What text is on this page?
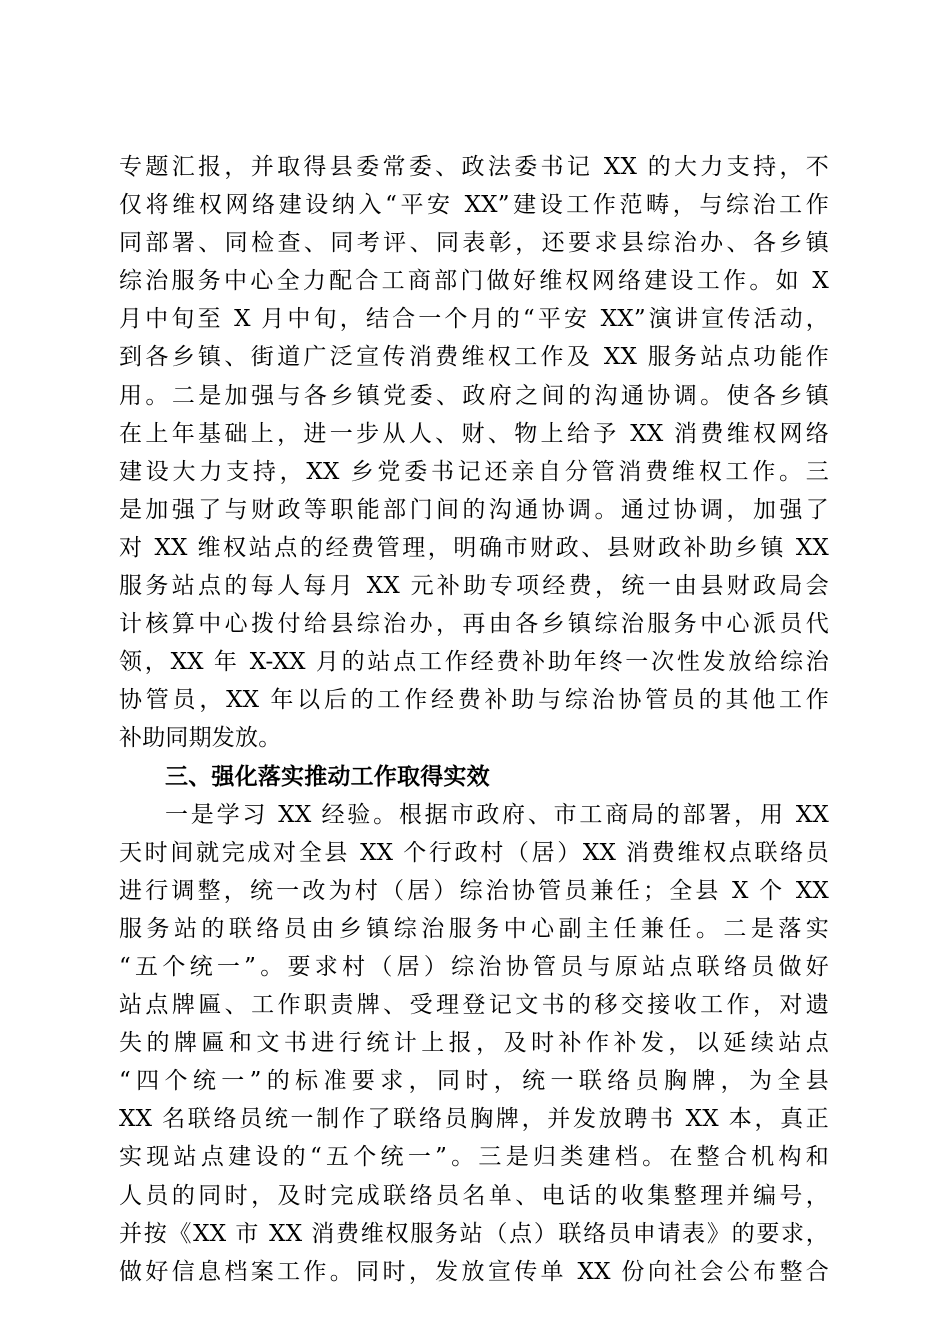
专题汇报，并取得县委常委、政法委书记 XX 的大力支持，不
仅将维权网络建设纳入“平安 XX”建设工作范畴，与综治工作
同部署、同检查、同考评、同表彰，还要求县综治办、各乡镇
综治服务中心全力配合工商部门做好维权网络建设工作。如 X
月中旬至 X 月中旬，结合一个月的“平安 XX”演讲宣传活动，
到各乡镇、街道广泛宣传消费维权工作及 XX 服务站点功能作
用。二是加强与各乡镇党委、政府之间的沟通协调。使各乡镇
在上年基础上，进一步从人、财、物上给予 XX 消费维权网络
建设大力支持，XX 乡党委书记还亲自分管消费维权工作。三
是加强了与财政等职能部门间的沟通协调。通过协调，加强了
对 XX 维权站点的经费管理，明确市财政、县财政补助乡镇 XX
服务站点的每人每月 XX 元补助专项经费，统一由县财政局会
计核算中心拨付给县综治办，再由各乡镇综治服务中心派员代
领，XX 年 X-XX 月的站点工作经费补助年终一次性发放给综治
协管员，XX 年以后的工作经费补助与综治协管员的其他工作
补助同期发放。
三、强化落实推动工作取得实效
一是学习 XX 经验。根据市政府、市工商局的部署，用 XX
天时间就完成对全县 XX 个行政村（居）XX 消费维权点联络员
进行调整，统一改为村（居）综治协管员兼任；全县 X 个 XX
服务站的联络员由乡镇综治服务中心副主任兼任。二是落实
“五个统一”。要求村（居）综治协管员与原站点联络员做好
站点牌匾、工作职责牌、受理登记文书的移交接收工作，对遗
失的牌匾和文书进行统计上报，及时补作补发，以延续站点
“四个统一”的标准要求，同时，统一联络员胸牌，为全县
XX 名联络员统一制作了联络员胸牌，并发放聘书 XX 本，真正
实现站点建设的“五个统一”。三是归类建档。在整合机构和
人员的同时，及时完成联络员名单、电话的收集整理并编号，
并按《XX 市 XX 消费维权服务站（点）联络员申请表》的要求，
做好信息档案工作。同时，发放宣传单 XX 份向社会公布整合
